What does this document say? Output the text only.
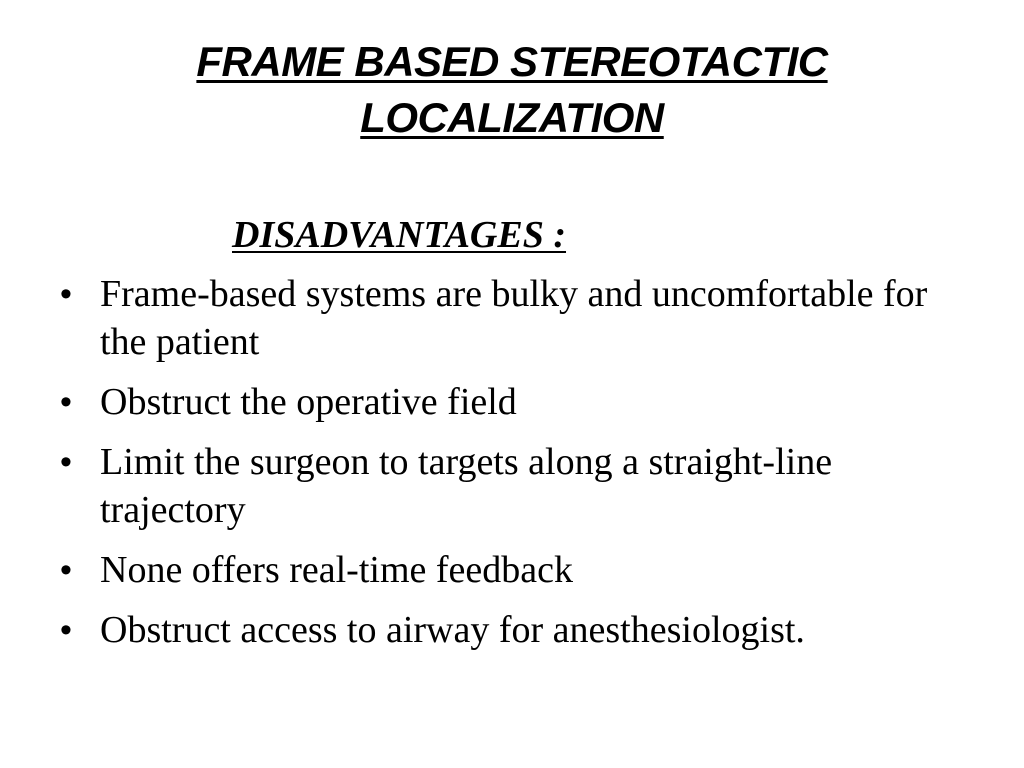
FRAME BASED STEREOTACTIC
LOCALIZATION
DISADVANTAGES :
• Frame-based systems are bulky and uncomfortable for the patient
• Obstruct the operative field
• Limit the surgeon to targets along a straight-line trajectory
• None offers real-time feedback
• Obstruct access to airway for anesthesiologist.
